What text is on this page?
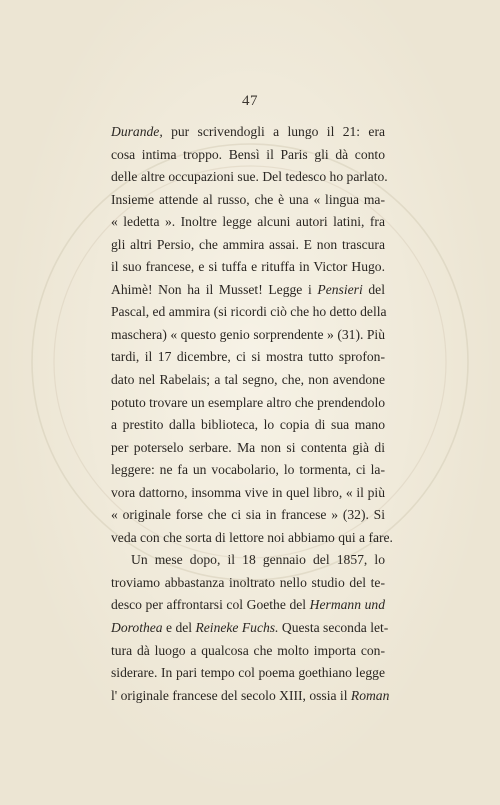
47
Durande, pur scrivendogli a lungo il 21: era
cosa intima troppo. Bensì il Paris gli dà conto
delle altre occupazioni sue. Del tedesco ho parlato.
Insieme attende al russo, che è una « lingua ma-
« ledetta ». Inoltre legge alcuni autori latini, fra
gli altri Persio, che ammira assai. E non trascura
il suo francese, e si tuffa e rituffa in Victor Hugo.
Ahimè! Non ha il Musset! Legge i Pensieri del
Pascal, ed ammira (si ricordi ciò che ho detto della
maschera) « questo genio sorprendente » (31). Più
tardi, il 17 dicembre, ci si mostra tutto sprofon-
dato nel Rabelais; a tal segno, che, non avendone
potuto trovare un esemplare altro che prendendolo
a prestito dalla biblioteca, lo copia di sua mano
per poterselo serbare. Ma non si contenta già di
leggere: ne fa un vocabolario, lo tormenta, ci la-
vora dattorno, insomma vive in quel libro, « il più
« originale forse che ci sia in francese » (32). Si
veda con che sorta di lettore noi abbiamo qui a fare.
Un mese dopo, il 18 gennaio del 1857, lo
troviamo abbastanza inoltrato nello studio del te-
desco per affrontarsi col Goethe del Hermann und
Dorothea e del Reineke Fuchs. Questa seconda let-
tura dà luogo a qualcosa che molto importa con-
siderare. In pari tempo col poema goethiano legge
l' originale francese del secolo XIII, ossia il Roman
